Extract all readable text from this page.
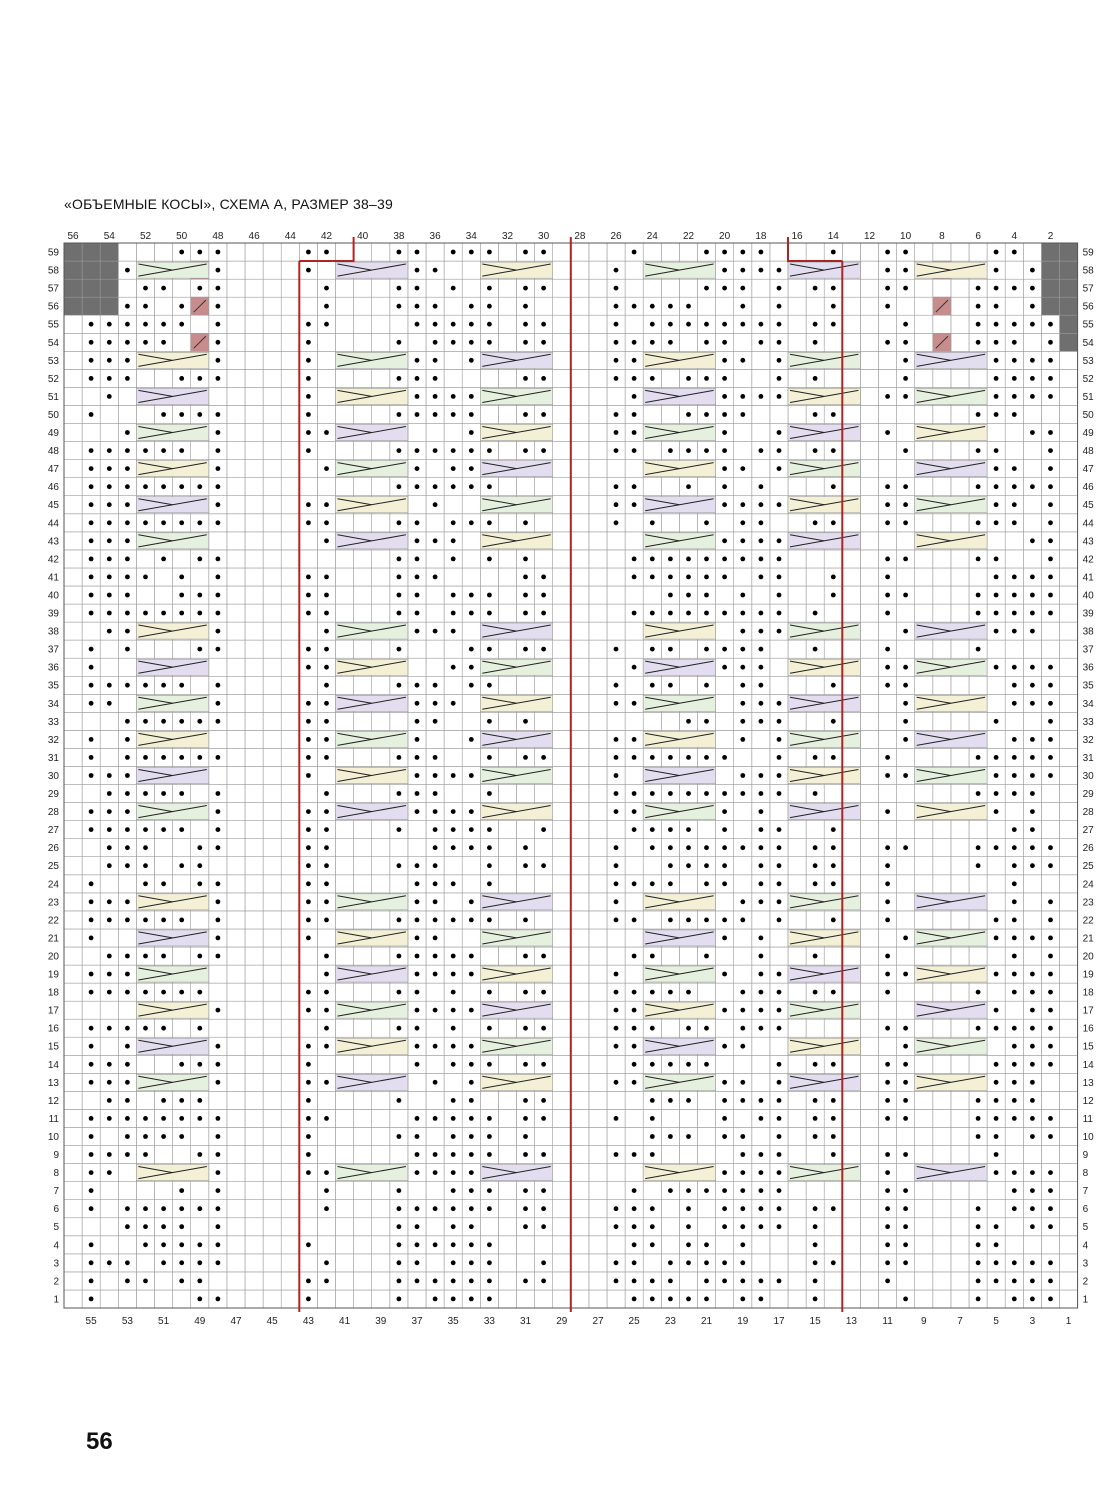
«ОБЪЕМНЫЕ КОСЫ», СХЕМА А, РАЗМЕР 38–39
56	54	52	50	48	46	44	42	40	38	36	34	32 30	28 26	24	22 20	18 16	14	12 10	8	6	4	2
55	53	51	49	47	45	43	41	39	37	35	33 31	29	27 25	23 21	19	17 15	13	11	9	7	5	3	1
1	1
2	2
3	3
4	4
5	5
6	6
7	7
8	8
9	9
10	10
11	11
12	12
13	13
14	14
15	15
16	16
17	17
18	18
19	19
20	20
21	21
22	22
23	23
24	24
25	25
26	26
27	27
28	28
29	29
30	30
31	31
32	32
33	33
34	34
35	35
36	36
37	37
38	38
39	39
40	40
41	41
42	42
43	43
44	44
45	45
46	46
47	47
48	48
49	49
50	50
51	51
52	52
53	53
54	54
55	55
56	56
57	57
58	58
59	59
56
